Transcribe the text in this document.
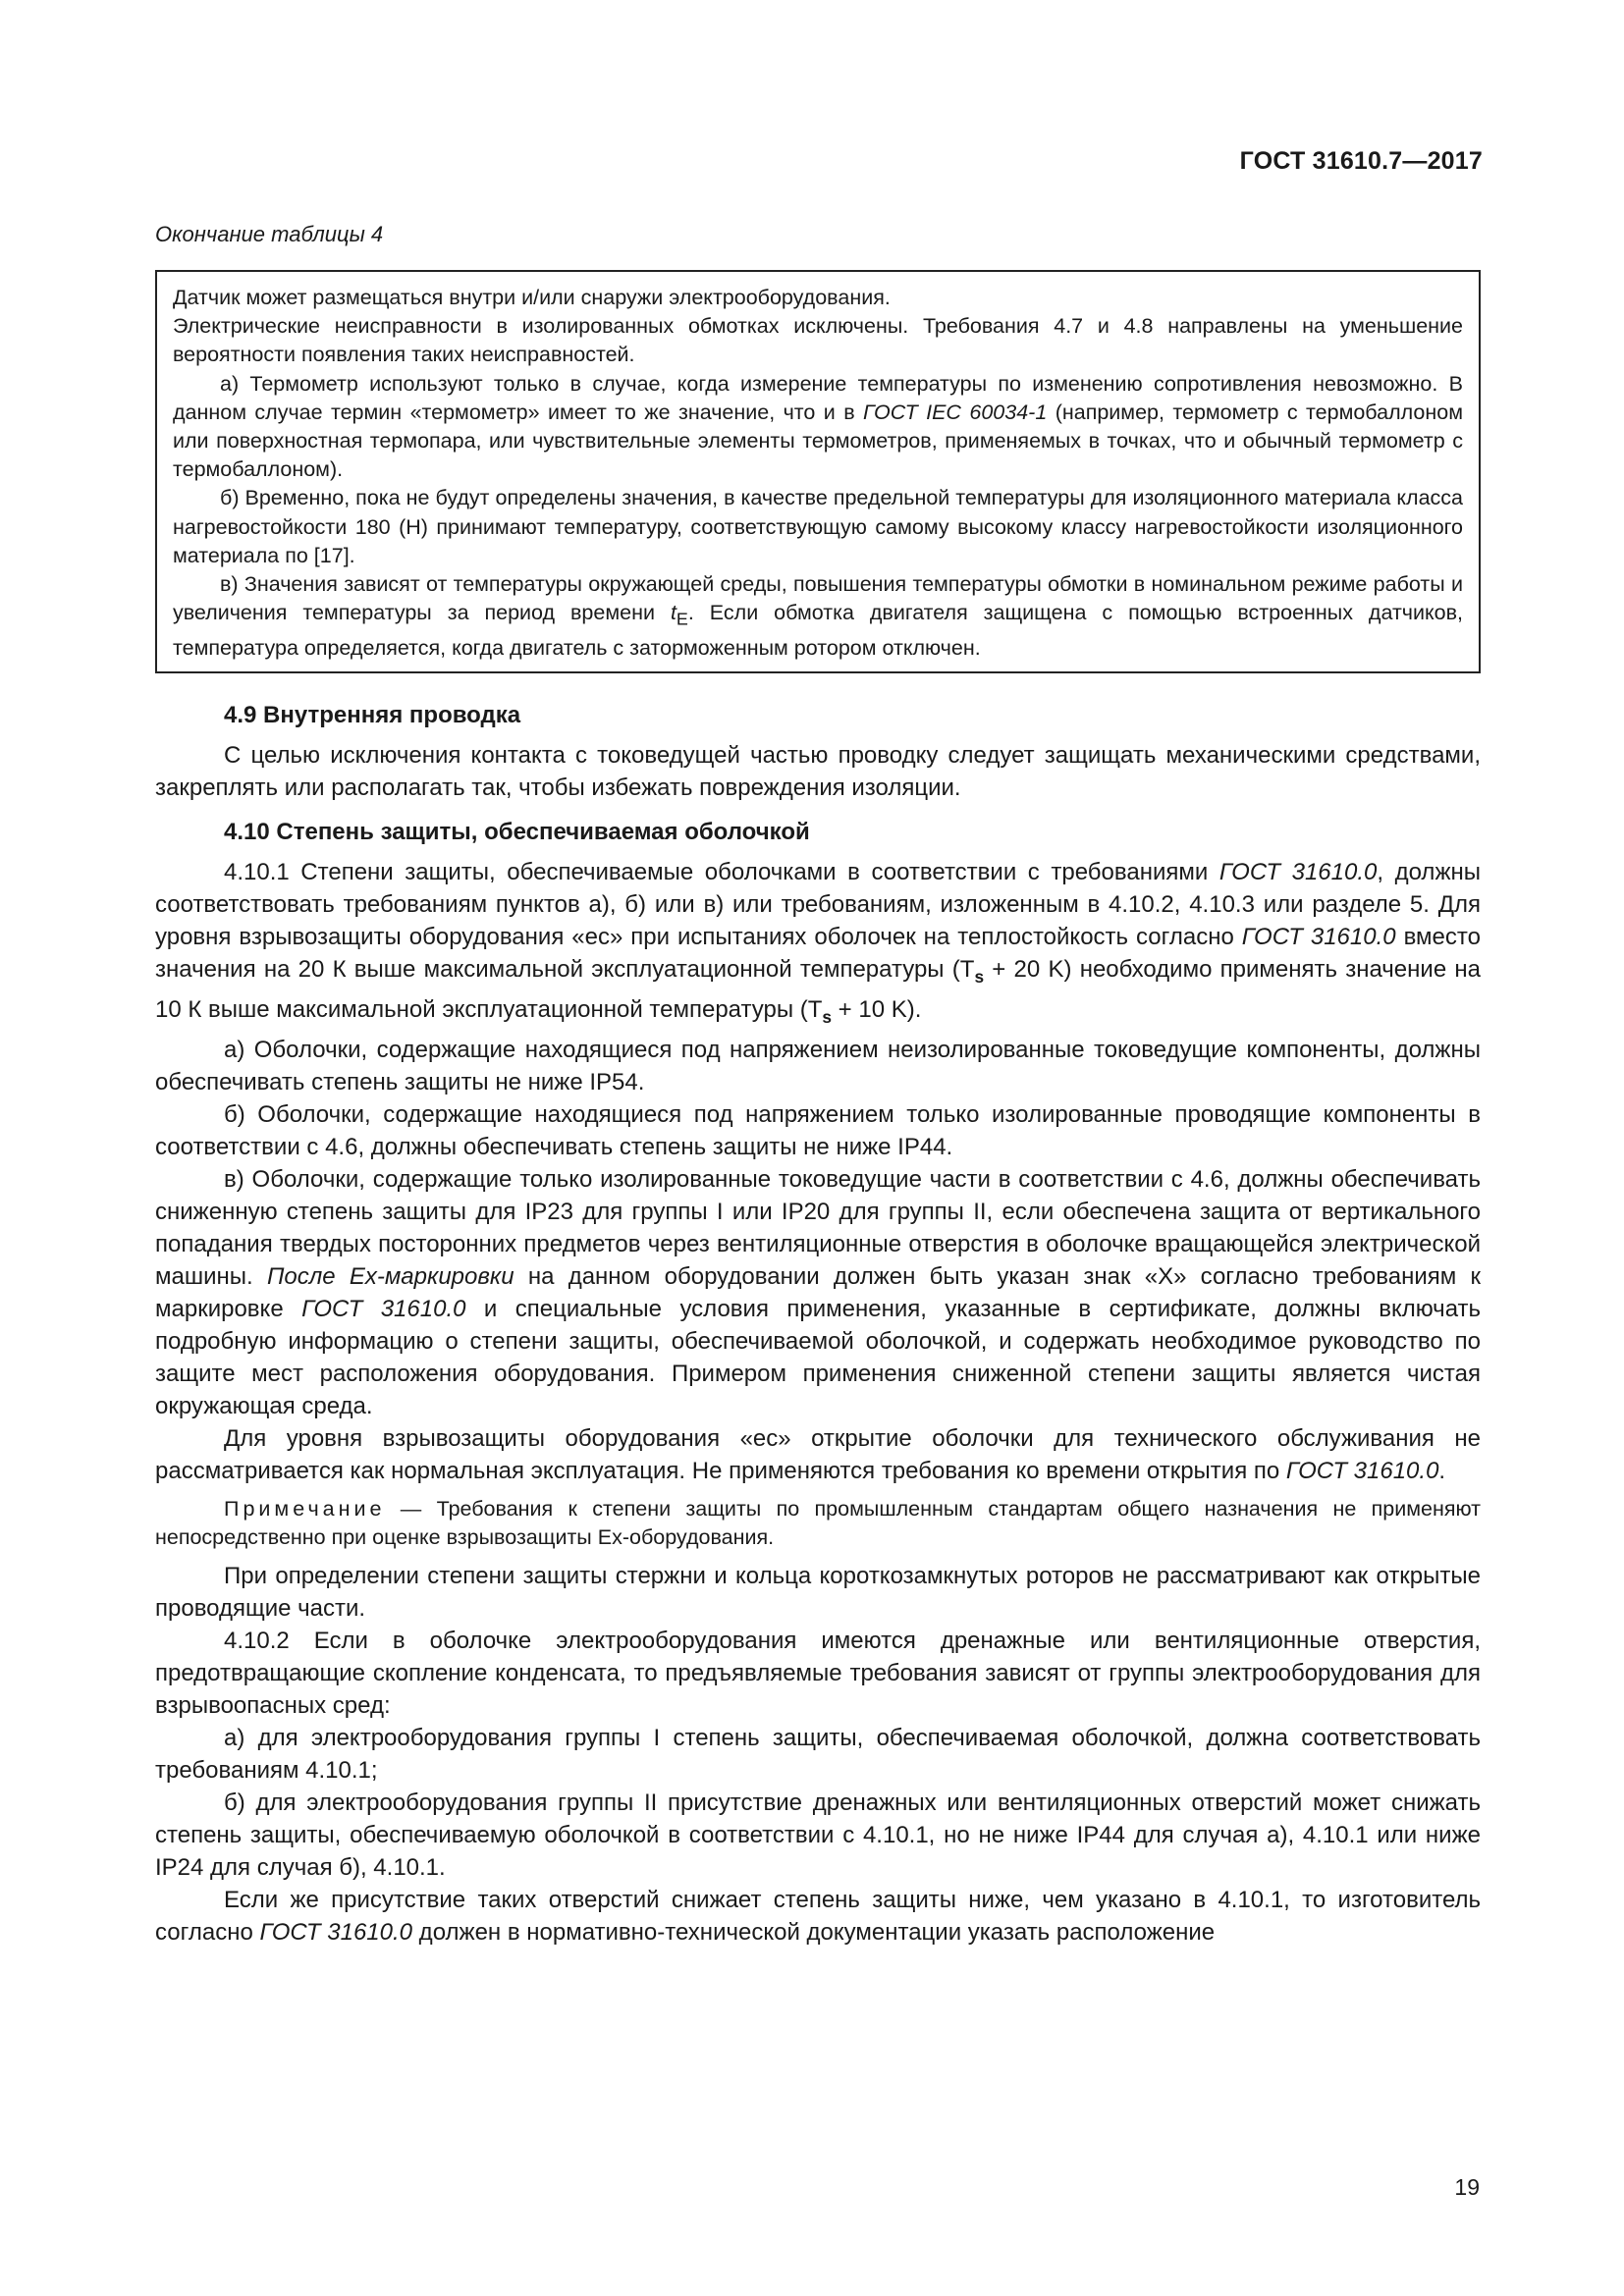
ГОСТ 31610.7—2017
Окончание таблицы 4

Датчик может размещаться внутри и/или снаружи электрооборудования.

Электрические неисправности в изолированных обмотках исключены. Требования 4.7 и 4.8 направлены на уменьшение вероятности появления таких неисправностей.

а) Термометр используют только в случае, когда измерение температуры по изменению сопротивления невозможно. В данном случае термин «термометр» имеет то же значение, что и в ГОСТ IEC 60034-1 (например, термометр с термобаллоном или поверхностная термопара, или чувствительные элементы термометров, применяемых в точках, что и обычный термометр с термобаллоном).

б) Временно, пока не будут определены значения, в качестве предельной температуры для изоляционного материала класса нагревостойкости 180 (H) принимают температуру, соответствующую самому высокому классу нагревостойкости изоляционного материала по [17].

в) Значения зависят от температуры окружающей среды, повышения температуры обмотки в номинальном режиме работы и увеличения температуры за период времени $t_E$. Если обмотка двигателя защищена с помощью встроенных датчиков, температура определяется, когда двигатель с заторможенным ротором отключен.

4.9 Внутренняя проводка

С целью исключения контакта с токоведущей частью проводку следует защищать механическими средствами, закреплять или располагать так, чтобы избежать повреждения изоляции.

4.10 Степень защиты, обеспечиваемая оболочкой

4.10.1 Степени защиты, обеспечиваемые оболочками в соответствии с требованиями ГОСТ 31610.0, должны соответствовать требованиям пунктов а), б) или в) или требованиям, изложенным в 4.10.2, 4.10.3 или разделе 5. Для уровня взрывозащиты оборудования «ес» при испытаниях оболочек на теплостойкость согласно ГОСТ 31610.0 вместо значения на 20 К выше максимальной эксплуатационной температуры ($T_s + 20$ K) необходимо применять значение на 10 К выше максимальной эксплуатационной температуры ($T_s + 10$ K).

а) Оболочки, содержащие находящиеся под напряжением неизолированные токоведущие компоненты, должны обеспечивать степень защиты не ниже IP54.

б) Оболочки, содержащие находящиеся под напряжением только изолированные проводящие компоненты в соответствии с 4.6, должны обеспечивать степень защиты не ниже IP44.

в) Оболочки, содержащие только изолированные токоведущие части в соответствии с 4.6, должны обеспечивать сниженную степень защиты для IP23 для группы I или IP20 для группы II, если обеспечена защита от вертикального попадания твердых посторонних предметов через вентиляционные отверстия в оболочке вращающейся электрической машины. После Ex-маркировки на данном оборудовании должен быть указан знак «X» согласно требованиям к маркировке ГОСТ 31610.0 и специальные условия применения, указанные в сертификате, должны включать подробную информацию о степени защиты, обеспечиваемой оболочкой, и содержать необходимое руководство по защите мест расположения оборудования. Примером применения сниженной степени защиты является чистая окружающая среда.

Для уровня взрывозащиты оборудования «ес» открытие оболочки для технического обслуживания не рассматривается как нормальная эксплуатация. Не применяются требования ко времени открытия по ГОСТ 31610.0.

Примечание — Требования к степени защиты по промышленным стандартам общего назначения не применяют непосредственно при оценке взрывозащиты Ex-оборудования.

При определении степени защиты стержни и кольца короткозамкнутых роторов не рассматривают как открытые проводящие части.

4.10.2 Если в оболочке электрооборудования имеются дренажные или вентиляционные отверстия, предотвращающие скопление конденсата, то предъявляемые требования зависят от группы электрооборудования для взрывоопасных сред:

а) для электрооборудования группы I степень защиты, обеспечиваемая оболочкой, должна соответствовать требованиям 4.10.1;

б) для электрооборудования группы II присутствие дренажных или вентиляционных отверстий может снижать степень защиты, обеспечиваемую оболочкой в соответствии с 4.10.1, но не ниже IP44 для случая а), 4.10.1 или ниже IP24 для случая б), 4.10.1.

Если же присутствие таких отверстий снижает степень защиты ниже, чем указано в 4.10.1, то изготовитель согласно ГОСТ 31610.0 должен в нормативно-технической документации указать расположение

19
